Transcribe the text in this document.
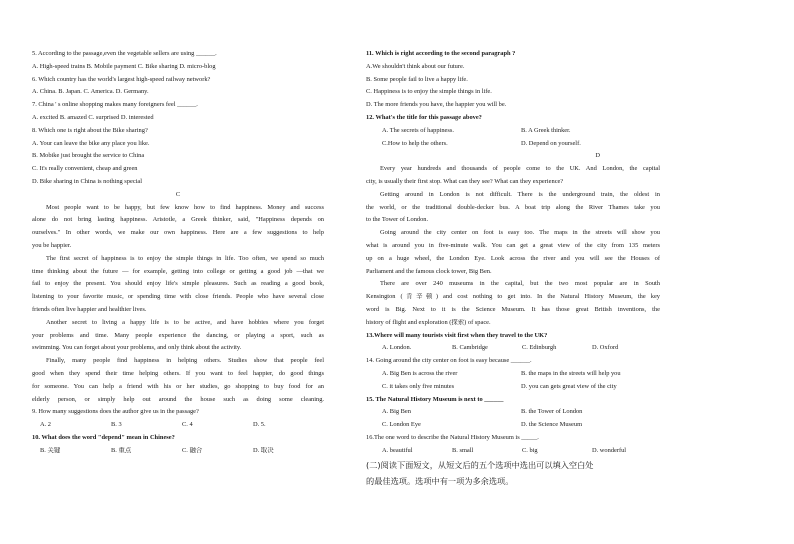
5. According to the passage,even the vegetable sellers are using ______.
A. High-speed trains B. Mobile payment C. Bike sharing D. micro-blog
6. Which country has the world's largest high-speed railway network?
A. China. B. Japan. C. America. D. Germany.
7. China ' s online shopping makes many foreigners feel ______.
A. excited B. amazed C. surprised D. interested
8. Which one is right about the Bike sharing?
A. Your can leave the bike any place you like.
B. Mobike just brought the service to China
C. It's really convenient, cheap and green
D. Bike sharing in China is nothing special
C
Most people want to be happy, but few know how to find happiness. Money and success
alone do not bring lasting happiness. Aristotle, a Greek thinker, said, "Happiness depends on
ourselves." In other words, we make our own happiness. Here are a few suggestions to help
you be happier.
The first secret of happiness is to enjoy the simple things in life. Too often, we spend so much
time thinking about the future — for example, getting into college or getting a good job —that we
fail to enjoy the present. You should enjoy life's simple pleasures. Such as reading a good book,
listening to your favorite music, or spending time with close friends. People who have several close
friends often live happier and healthier lives.
Another secret to living a happy life is to be active, and have hobbies where you forget
your problems and time. Many people experience the dancing, or playing a sport, such as
swimming. You can forget about your problems, and only think about the activity.
Finally, many people find happiness in helping others. Studies show that people feel
good when they spend their time helping others. If you want to feel happier, do good things
for someone. You can help a friend with his or her studies, go shopping to buy food for an
elderly person, or simply help out around the house such as doing some cleaning.
9. How many suggestions does the author give us in the passage?
A. 2	B. 3	C. 4	D. 5.
10. What does the word "depend" mean in Chinese?
B. 关键	B. 重点	C. 融合	D. 取决
11. Which is right according to the second paragraph ?
A.We shouldn't think about our future.
B. Some people fail to live a happy life.
C. Happiness is to enjoy the simple things in life.
D. The more friends you have, the happier you will be.
12. What's the title for this passage above?
A. The secrets of happiness.	B. A Greek thinker.
C.How to help the others.	D. Depend on yourself.
D
Every year hundreds and thousands of people come to the UK. And London, the capital
city, is usually their first stop. What can they see? What can they experience?
Getting around in London is not difficult. There is the underground train, the oldest in
the world, or the traditional double-decker bus. A boat trip along the River Thames take you
to the Tower of London.
Going around the city center on foot is easy too. The maps in the streets will show you
what is around you in five-minute walk. You can get a great view of the city from 135 meters
up on a huge wheel, the London Eye. Look across the river and you will see the Houses of
Parliament and the famous clock tower, Big Ben.
There are over 240 museums in the capital, but the two most popular are in South
Kensington (肯辛顿) and cost nothing to get into. In the Natural History Museum, the key
word is Big. Next to it is the Science Museum. It has those great British inventions, the
history of flight and exploration (探索) of space.
13.Where will many tourists visit first when they travel to the UK?
A. London.	B. Cambridge	C. Edinburgh	D. Oxford
14. Going around the city center on foot is easy because ______.
A. Big Ben is across the river	B. the maps in the streets will help you
C. it takes only five minutes	D. you can gets great view of the city
15. The Natural History Museum is next to ______
A. Big Ben	B. the Tower of London
C. London Eye	D. the Science Museum
16.The one word to describe the Natural History Museum is _____.
A. beautiful	B. small	C. big	D. wonderful
(二)阅读下面短文，从短文后的五个选项中选出可以填入空白处
的最佳选项。选项中有一项为多余选项。
